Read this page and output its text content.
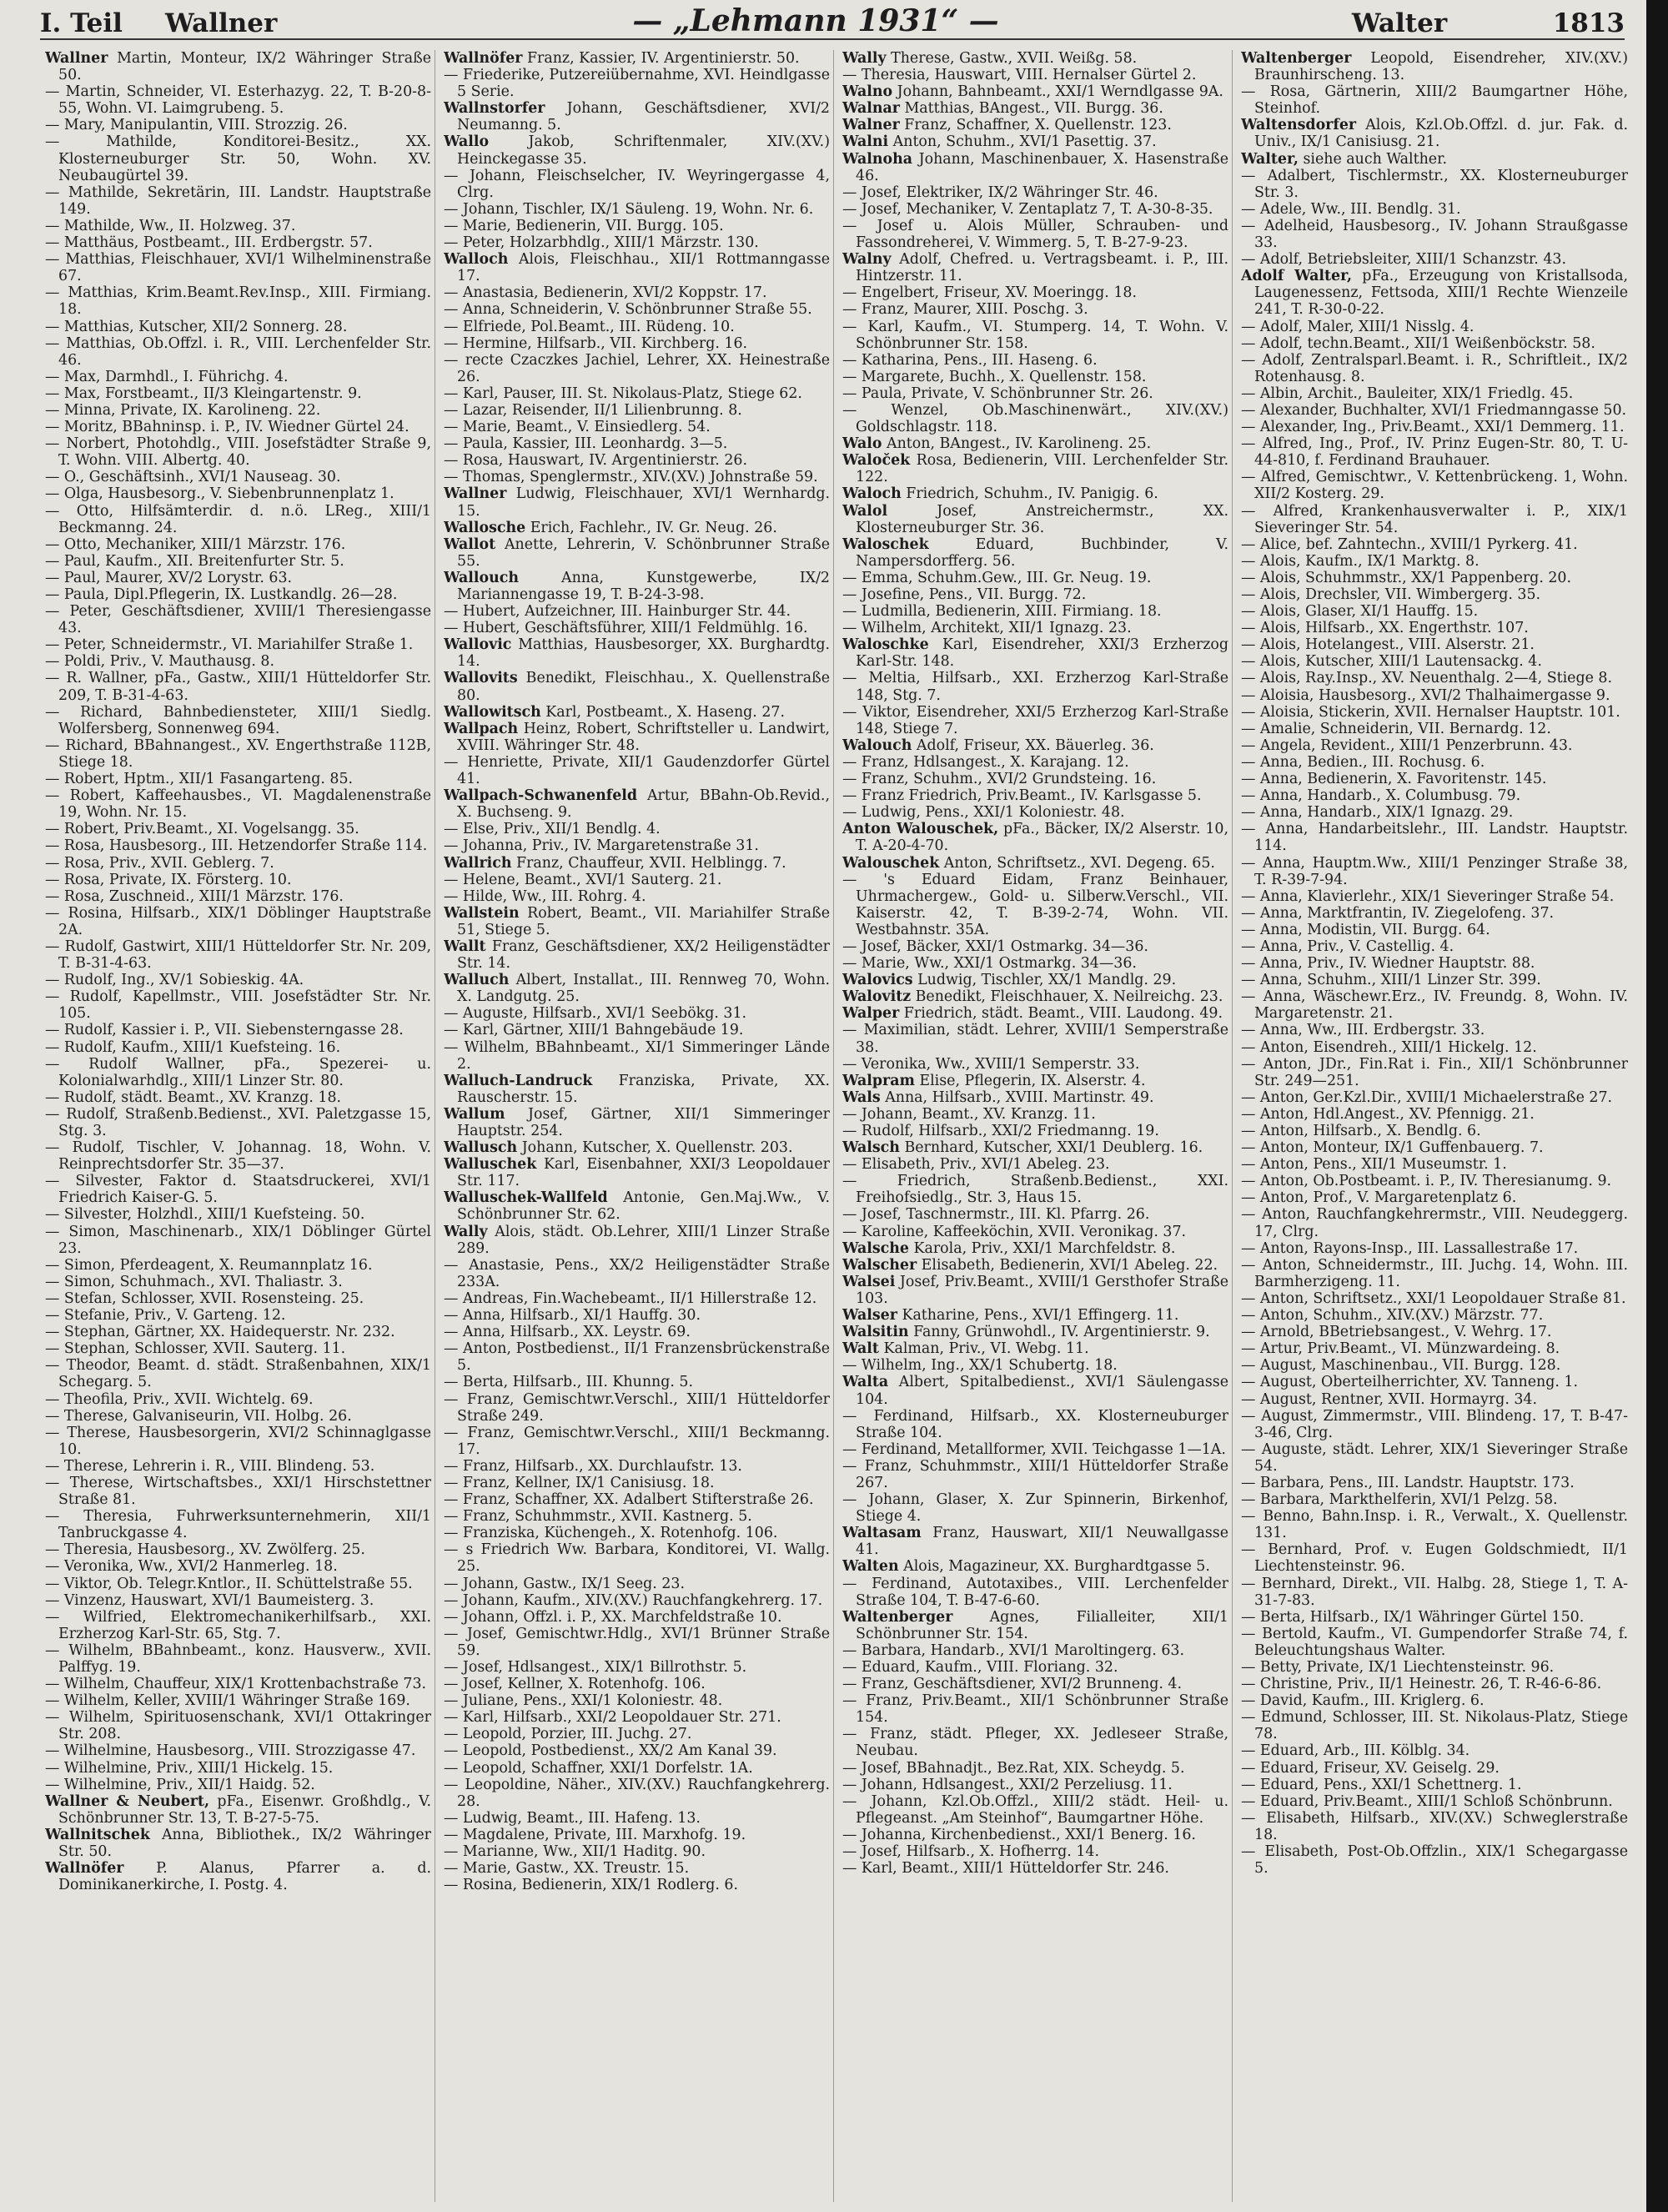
I. Teil	Wallner	— „Lehmann 1931“ —	Walter	1813

Wallner Martin, Monteur, IX/2 Währinger Straße 50.

— Martin, Schneider, VI. Esterhazyg. 22, T. B-20-8-55, Wohn. VI. Laimgrubeng. 5.

— Mary, Manipulantin, VIII. Strozzig. 26.

— Mathilde, Konditorei-Besitz., XX. Klosterneuburger Str. 50, Wohn. XV. Neubaugürtel 39.

— Mathilde, Sekretärin, III. Landstr. Hauptstraße 149.

— Mathilde, Ww., II. Holzweg. 37.

— Matthäus, Postbeamt., III. Erdbergstr. 57.

— Matthias, Fleischhauer, XVI/1 Wilhelminenstraße 67.

— Matthias, Krim.Beamt.Rev.Insp., XIII. Firmiang. 18.

— Matthias, Kutscher, XII/2 Sonnerg. 28.

— Matthias, Ob.Offzl. i. R., VIII. Lerchenfelder Str. 46.

— Max, Darmhdl., I. Führichg. 4.

— Max, Forstbeamt., II/3 Kleingartenstr. 9.

— Minna, Private, IX. Karolineng. 22.

— Moritz, BBahninsp. i. P., IV. Wiedner Gürtel 24.

— Norbert, Photohdlg., VIII. Josefstädter Straße 9, T. Wohn. VIII. Albertg. 40.

— O., Geschäftsinh., XVI/1 Nauseag. 30.

— Olga, Hausbesorg., V. Siebenbrunnenplatz 1.

— Otto, Hilfsämterdir. d. n.ö. LReg., XIII/1 Beckmanng. 24.

— Otto, Mechaniker, XIII/1 Märzstr. 176.

— Paul, Kaufm., XII. Breitenfurter Str. 5.

— Paul, Maurer, XV/2 Lorystr. 63.

— Paula, Dipl.Pflegerin, IX. Lustkandlg. 26—28.

— Peter, Geschäftsdiener, XVIII/1 Theresiengasse 43.

— Peter, Schneidermstr., VI. Mariahilfer Straße 1.

— Poldi, Priv., V. Mauthausg. 8.

— R. Wallner, pFa., Gastw., XIII/1 Hütteldorfer Str. 209, T. B-31-4-63.

— Richard, Bahnbediensteter, XIII/1 Siedlg. Wolfersberg, Sonnenweg 694.

— Richard, BBahnangest., XV. Engerthstraße 112B, Stiege 18.

— Robert, Hptm., XII/1 Fasangarteng. 85.

— Robert, Kaffeehausbes., VI. Magdalenenstraße 19, Wohn. Nr. 15.

— Robert, Priv.Beamt., XI. Vogelsangg. 35.

— Rosa, Hausbesorg., III. Hetzendorfer Straße 114.

— Rosa, Priv., XVII. Geblerg. 7.

— Rosa, Private, IX. Försterg. 10.

— Rosa, Zuschneid., XIII/1 Märzstr. 176.

— Rosina, Hilfsarb., XIX/1 Döblinger Hauptstraße 2A.

— Rudolf, Gastwirt, XIII/1 Hütteldorfer Str. Nr. 209, T. B-31-4-63.

— Rudolf, Ing., XV/1 Sobieskig. 4A.

— Rudolf, Kapellmstr., VIII. Josefstädter Str. Nr. 105.

— Rudolf, Kassier i. P., VII. Siebensterngasse 28.

— Rudolf, Kaufm., XIII/1 Kuefsteing. 16.

— Rudolf Wallner, pFa., Spezerei- u. Kolonialwarhdlg., XIII/1 Linzer Str. 80.

— Rudolf, städt. Beamt., XV. Kranzg. 18.

— Rudolf, Straßenb.Bedienst., XVI. Paletzgasse 15, Stg. 3.

— Rudolf, Tischler, V. Johannag. 18, Wohn. V. Reinprechtsdorfer Str. 35—37.

— Silvester, Faktor d. Staatsdruckerei, XVI/1 Friedrich Kaiser-G. 5.

— Silvester, Holzhdl., XIII/1 Kuefsteing. 50.

— Simon, Maschinenarb., XIX/1 Döblinger Gürtel 23.

— Simon, Pferdeagent, X. Reumannplatz 16.

— Simon, Schuhmach., XVI. Thaliastr. 3.

— Stefan, Schlosser, XVII. Rosensteing. 25.

— Stefanie, Priv., V. Garteng. 12.

— Stephan, Gärtner, XX. Haidequerstr. Nr. 232.

— Stephan, Schlosser, XVII. Sauterg. 11.

— Theodor, Beamt. d. städt. Straßenbahnen, XIX/1 Schegarg. 5.

— Theofila, Priv., XVII. Wichtelg. 69.

— Therese, Galvaniseurin, VII. Holbg. 26.

— Therese, Hausbesorgerin, XVI/2 Schinnaglgasse 10.

— Therese, Lehrerin i. R., VIII. Blindeng. 53.

— Therese, Wirtschaftsbes., XXI/1 Hirschstettner Straße 81.

— Theresia, Fuhrwerksunternehmerin, XII/1 Tanbruckgasse 4.

— Theresia, Hausbesorg., XV. Zwölferg. 25.

— Veronika, Ww., XVI/2 Hanmerleg. 18.

— Viktor, Ob. Telegr.Kntlor., II. Schüttelstraße 55.

— Vinzenz, Hauswart, XVI/1 Baumeisterg. 3.

— Wilfried, Elektromechanikerhilfsarb., XXI. Erzherzog Karl-Str. 65, Stg. 7.

— Wilhelm, BBahnbeamt., konz. Hausverw., XVII. Palffyg. 19.

— Wilhelm, Chauffeur, XIX/1 Krottenbachstraße 73.

— Wilhelm, Keller, XVIII/1 Währinger Straße 169.

— Wilhelm, Spirituosenschank, XVI/1 Ottakringer Str. 208.

— Wilhelmine, Hausbesorg., VIII. Strozzigasse 47.

— Wilhelmine, Priv., XIII/1 Hickelg. 15.

— Wilhelmine, Priv., XII/1 Haidg. 52.

Wallner & Neubert, pFa., Eisenwr. Großhdlg., V. Schönbrunner Str. 13, T. B-27-5-75.

Wallnitschek Anna, Bibliothek., IX/2 Währinger Str. 50.

Wallnöfer P. Alanus, Pfarrer a. d. Dominikanerkirche, I. Postg. 4.

Wallnöfer Franz, Kassier, IV. Argentinierstr. 50.

— Friederike, Putzereiübernahme, XVI. Heindlgasse 5 Serie.

Wallnstorfer Johann, Geschäftsdiener, XVI/2 Neumanng. 5.

Wallo Jakob, Schriftenmaler, XIV.(XV.) Heinckegasse 35.

— Johann, Fleischselcher, IV. Weyringergasse 4, Clrg.

— Johann, Tischler, IX/1 Säuleng. 19, Wohn. Nr. 6.

— Marie, Bedienerin, VII. Burgg. 105.

— Peter, Holzarbhdlg., XIII/1 Märzstr. 130.

Walloch Alois, Fleischhau., XII/1 Rottmanngasse 17.

— Anastasia, Bedienerin, XVI/2 Koppstr. 17.

— Anna, Schneiderin, V. Schönbrunner Straße 55.

— Elfriede, Pol.Beamt., III. Rüdeng. 10.

— Hermine, Hilfsarb., VII. Kirchberg. 16.

— recte Czaczkes Jachiel, Lehrer, XX. Heinestraße 26.

— Karl, Pauser, III. St. Nikolaus-Platz, Stiege 62.

— Lazar, Reisender, II/1 Lilienbrunng. 8.

— Marie, Beamt., V. Einsiedlerg. 54.

— Paula, Kassier, III. Leonhardg. 3—5.

— Rosa, Hauswart, IV. Argentinierstr. 26.

— Thomas, Spenglermstr., XIV.(XV.) Johnstraße 59.

Wallner Ludwig, Fleischhauer, XVI/1 Wernhardg. 15.

Wallosche Erich, Fachlehr., IV. Gr. Neug. 26.

Wallot Anette, Lehrerin, V. Schönbrunner Straße 55.

Wallouch Anna, Kunstgewerbe, IX/2 Mariannengasse 19, T. B-24-3-98.

— Hubert, Aufzeichner, III. Hainburger Str. 44.

— Hubert, Geschäftsführer, XIII/1 Feldmühlg. 16.

Wallovic Matthias, Hausbesorger, XX. Burghardtg. 14.

Wallovits Benedikt, Fleischhau., X. Quellenstraße 80.

Wallowitsch Karl, Postbeamt., X. Haseng. 27.

Wallpach Heinz, Robert, Schriftsteller u. Landwirt, XVIII. Währinger Str. 48.

— Henriette, Private, XII/1 Gaudenzdorfer Gürtel 41.

Wallpach-Schwanenfeld Artur, BBahn-Ob.Revid., X. Buchseng. 9.

— Else, Priv., XII/1 Bendlg. 4.

— Johanna, Priv., IV. Margaretenstraße 31.

Wallrich Franz, Chauffeur, XVII. Helblingg. 7.

— Helene, Beamt., XVI/1 Sauterg. 21.

— Hilde, Ww., III. Rohrg. 4.

Wallstein Robert, Beamt., VII. Mariahilfer Straße 51, Stiege 5.

Wallt Franz, Geschäftsdiener, XX/2 Heiligenstädter Str. 14.

Walluch Albert, Installat., III. Rennweg 70, Wohn. X. Landgutg. 25.

— Auguste, Hilfsarb., XVI/1 Seebökg. 31.

— Karl, Gärtner, XIII/1 Bahngebäude 19.

— Wilhelm, BBahnbeamt., XI/1 Simmeringer Lände 2.

Walluch-Landruck Franziska, Private, XX. Rauscherstr. 15.

Wallum Josef, Gärtner, XII/1 Simmeringer Hauptstr. 254.

Wallusch Johann, Kutscher, X. Quellenstr. 203.

Walluschek Karl, Eisenbahner, XXI/3 Leopoldauer Str. 117.

Walluschek-Wallfeld Antonie, Gen.Maj.Ww., V. Schönbrunner Str. 62.

Wally Alois, städt. Ob.Lehrer, XIII/1 Linzer Straße 289.

— Anastasie, Pens., XX/2 Heiligenstädter Straße 233A.

— Andreas, Fin.Wachebeamt., II/1 Hillerstraße 12.

— Anna, Hilfsarb., XI/1 Hauffg. 30.

— Anna, Hilfsarb., XX. Leystr. 69.

— Anton, Postbedienst., II/1 Franzensbrückenstraße 5.

— Berta, Hilfsarb., III. Khunng. 5.

— Franz, Gemischtwr.Verschl., XIII/1 Hütteldorfer Straße 249.

— Franz, Gemischtwr.Verschl., XIII/1 Beckmanng. 17.

— Franz, Hilfsarb., XX. Durchlaufstr. 13.

— Franz, Kellner, IX/1 Canisiusg. 18.

— Franz, Schaffner, XX. Adalbert Stifterstraße 26.

— Franz, Schuhmmstr., XVII. Kastnerg. 5.

— Franziska, Küchengeh., X. Rotenhofg. 106.

— s Friedrich Ww. Barbara, Konditorei, VI. Wallg. 25.

— Johann, Gastw., IX/1 Seeg. 23.

— Johann, Kaufm., XIV.(XV.) Rauchfangkehrerg. 17.

— Johann, Offzl. i. P., XX. Marchfeldstraße 10.

— Josef, Gemischtwr.Hdlg., XVI/1 Brünner Straße 59.

— Josef, Hdlsangest., XIX/1 Billrothstr. 5.

— Josef, Kellner, X. Rotenhofg. 106.

— Juliane, Pens., XXI/1 Koloniestr. 48.

— Karl, Hilfsarb., XXI/2 Leopoldauer Str. 271.

— Leopold, Porzier, III. Juchg. 27.

— Leopold, Postbedienst., XX/2 Am Kanal 39.

— Leopold, Schaffner, XXI/1 Dorfelstr. 1A.

— Leopoldine, Näher., XIV.(XV.) Rauchfangkehrerg. 28.

— Ludwig, Beamt., III. Hafeng. 13.

— Magdalene, Private, III. Marxhofg. 19.

— Marianne, Ww., XII/1 Haditg. 90.

— Marie, Gastw., XX. Treustr. 15.

— Rosina, Bedienerin, XIX/1 Rodlerg. 6.

Wally Therese, Gastw., XVII. Weißg. 58.

— Theresia, Hauswart, VIII. Hernalser Gürtel 2.

Walno Johann, Bahnbeamt., XXI/1 Werndlgasse 9A.

Walnar Matthias, BAngest., VII. Burgg. 36.

Walner Franz, Schaffner, X. Quellenstr. 123.

Walni Anton, Schuhm., XVI/1 Pasettig. 37.

Walnoha Johann, Maschinenbauer, X. Hasenstraße 46.

— Josef, Elektriker, IX/2 Währinger Str. 46.

— Josef, Mechaniker, V. Zentaplatz 7, T. A-30-8-35.

— Josef u. Alois Müller, Schrauben- und Fassondreherei, V. Wimmerg. 5, T. B-27-9-23.

Walny Adolf, Chefred. u. Vertragsbeamt. i. P., III. Hintzerstr. 11.

— Engelbert, Friseur, XV. Moeringg. 18.

— Franz, Maurer, XIII. Poschg. 3.

— Karl, Kaufm., VI. Stumperg. 14, T. Wohn. V. Schönbrunner Str. 158.

— Katharina, Pens., III. Haseng. 6.

— Margarete, Buchh., X. Quellenstr. 158.

— Paula, Private, V. Schönbrunner Str. 26.

— Wenzel, Ob.Maschinenwärt., XIV.(XV.) Goldschlagstr. 118.

Walo Anton, BAngest., IV. Karolineng. 25.

Waloček Rosa, Bedienerin, VIII. Lerchenfelder Str. 122.

Waloch Friedrich, Schuhm., IV. Panigig. 6.

Walol Josef, Anstreichermstr., XX. Klosterneuburger Str. 36.

Waloschek Eduard, Buchbinder, V. Nampersdorfferg. 56.

— Emma, Schuhm.Gew., III. Gr. Neug. 19.

— Josefine, Pens., VII. Burgg. 72.

— Ludmilla, Bedienerin, XIII. Firmiang. 18.

— Wilhelm, Architekt, XII/1 Ignazg. 23.

Waloschke Karl, Eisendreher, XXI/3 Erzherzog Karl-Str. 148.

— Meltia, Hilfsarb., XXI. Erzherzog Karl-Straße 148, Stg. 7.

— Viktor, Eisendreher, XXI/5 Erzherzog Karl-Straße 148, Stiege 7.

Walouch Adolf, Friseur, XX. Bäuerleg. 36.

— Franz, Hdlsangest., X. Karajang. 12.

— Franz, Schuhm., XVI/2 Grundsteing. 16.

— Franz Friedrich, Priv.Beamt., IV. Karlsgasse 5.

— Ludwig, Pens., XXI/1 Koloniestr. 48.

Anton Walouschek, pFa., Bäcker, IX/2 Alserstr. 10, T. A-20-4-70.

Walouschek Anton, Schriftsetz., XVI. Degeng. 65.

— 's Eduard Eidam, Franz Beinhauer, Uhrmachergew., Gold- u. Silberw.Verschl., VII. Kaiserstr. 42, T. B-39-2-74, Wohn. VII. Westbahnstr. 35A.

— Josef, Bäcker, XXI/1 Ostmarkg. 34—36.

— Marie, Ww., XXI/1 Ostmarkg. 34—36.

Walovics Ludwig, Tischler, XX/1 Mandlg. 29.

Walovitz Benedikt, Fleischhauer, X. Neilreichg. 23.

Walper Friedrich, städt. Beamt., VIII. Laudong. 49.

— Maximilian, städt. Lehrer, XVIII/1 Semperstraße 38.

— Veronika, Ww., XVIII/1 Semperstr. 33.

Walpram Elise, Pflegerin, IX. Alserstr. 4.

Wals Anna, Hilfsarb., XVIII. Martinstr. 49.

— Johann, Beamt., XV. Kranzg. 11.

— Rudolf, Hilfsarb., XXI/2 Friedmanng. 19.

Walsch Bernhard, Kutscher, XXI/1 Deublerg. 16.

— Elisabeth, Priv., XVI/1 Abeleg. 23.

— Friedrich, Straßenb.Bedienst., XXI. Freihofsiedlg., Str. 3, Haus 15.

— Josef, Taschnermstr., III. Kl. Pfarrg. 26.

— Karoline, Kaffeeköchin, XVII. Veronikag. 37.

Walsche Karola, Priv., XXI/1 Marchfeldstr. 8.

Walscher Elisabeth, Bedienerin, XVI/1 Abeleg. 22.

Walsei Josef, Priv.Beamt., XVIII/1 Gersthofer Straße 103.

Walser Katharine, Pens., XVI/1 Effingerg. 11.

Walsitin Fanny, Grünwohdl., IV. Argentinierstr. 9.

Walt Kalman, Priv., VI. Webg. 11.

— Wilhelm, Ing., XX/1 Schubertg. 18.

Walta Albert, Spitalbedienst., XVI/1 Säulengasse 104.

— Ferdinand, Hilfsarb., XX. Klosterneuburger Straße 104.

— Ferdinand, Metallformer, XVII. Teichgasse 1—1A.

— Franz, Schuhmmstr., XIII/1 Hütteldorfer Straße 267.

— Johann, Glaser, X. Zur Spinnerin, Birkenhof, Stiege 4.

Waltasam Franz, Hauswart, XII/1 Neuwallgasse 41.

Walten Alois, Magazineur, XX. Burghardtgasse 5.

— Ferdinand, Autotaxibes., VIII. Lerchenfelder Straße 104, T. B-47-6-60.

Waltenberger Agnes, Filialleiter, XII/1 Schönbrunner Str. 154.

— Barbara, Handarb., XVI/1 Maroltingerg. 63.

— Eduard, Kaufm., VIII. Floriang. 32.

— Franz, Geschäftsdiener, XVI/2 Brunneng. 4.

— Franz, Priv.Beamt., XII/1 Schönbrunner Straße 154.

— Franz, städt. Pfleger, XX. Jedleseer Straße, Neubau.

— Josef, BBahnadjt., Bez.Rat, XIX. Scheydg. 5.

— Johann, Hdlsangest., XXI/2 Perzeliusg. 11.

— Johann, Kzl.Ob.Offzl., XIII/2 städt. Heil- u. Pflegeanst. „Am Steinhof“, Baumgartner Höhe.

— Johanna, Kirchenbedienst., XXI/1 Benerg. 16.

— Josef, Hilfsarb., X. Hofherrg. 14.

— Karl, Beamt., XIII/1 Hütteldorfer Str. 246.

Waltenberger Leopold, Eisendreher, XIV.(XV.) Braunhirscheng. 13.

— Rosa, Gärtnerin, XIII/2 Baumgartner Höhe, Steinhof.

Waltensdorfer Alois, Kzl.Ob.Offzl. d. jur. Fak. d. Univ., IX/1 Canisiusg. 21.

Walter, siehe auch Walther.

— Adalbert, Tischlermstr., XX. Klosterneuburger Str. 3.

— Adele, Ww., III. Bendlg. 31.

— Adelheid, Hausbesorg., IV. Johann Straußgasse 33.

— Adolf, Betriebsleiter, XIII/1 Schanzstr. 43.

Adolf Walter, pFa., Erzeugung von Kristallsoda, Laugenessenz, Fettsoda, XIII/1 Rechte Wienzeile 241, T. R-30-0-22.

— Adolf, Maler, XIII/1 Nisslg. 4.

— Adolf, techn.Beamt., XII/1 Weißenböckstr. 58.

— Adolf, Zentralsparl.Beamt. i. R., Schriftleit., IX/2 Rotenhausg. 8.

— Albin, Archit., Bauleiter, XIX/1 Friedlg. 45.

— Alexander, Buchhalter, XVI/1 Friedmanngasse 50.

— Alexander, Ing., Priv.Beamt., XXI/1 Demmerg. 11.

— Alfred, Ing., Prof., IV. Prinz Eugen-Str. 80, T. U-44-810, f. Ferdinand Brauhauer.

— Alfred, Gemischtwr., V. Kettenbrückeng. 1, Wohn. XII/2 Kosterg. 29.

— Alfred, Krankenhausverwalter i. P., XIX/1 Sieveringer Str. 54.

— Alice, bef. Zahntechn., XVIII/1 Pyrkerg. 41.

— Alois, Kaufm., IX/1 Marktg. 8.

— Alois, Schuhmmstr., XX/1 Pappenberg. 20.

— Alois, Drechsler, VII. Wimbergerg. 35.

— Alois, Glaser, XI/1 Hauffg. 15.

— Alois, Hilfsarb., XX. Engerthstr. 107.

— Alois, Hotelangest., VIII. Alserstr. 21.

— Alois, Kutscher, XIII/1 Lautensackg. 4.

— Alois, Ray.Insp., XV. Neuenthalg. 2—4, Stiege 8.

— Aloisia, Hausbesorg., XVI/2 Thalhaimergasse 9.

— Aloisia, Stickerin, XVII. Hernalser Hauptstr. 101.

— Amalie, Schneiderin, VII. Bernardg. 12.

— Angela, Revident., XIII/1 Penzerbrunn. 43.

— Anna, Bedien., III. Rochusg. 6.

— Anna, Bedienerin, X. Favoritenstr. 145.

— Anna, Handarb., X. Columbusg. 79.

— Anna, Handarb., XIX/1 Ignazg. 29.

— Anna, Handarbeitslehr., III. Landstr. Hauptstr. 114.

— Anna, Hauptm.Ww., XIII/1 Penzinger Straße 38, T. R-39-7-94.

— Anna, Klavierlehr., XIX/1 Sieveringer Straße 54.

— Anna, Marktfrantin, IV. Ziegelofeng. 37.

— Anna, Modistin, VII. Burgg. 64.

— Anna, Priv., V. Castellig. 4.

— Anna, Priv., IV. Wiedner Hauptstr. 88.

— Anna, Schuhm., XIII/1 Linzer Str. 399.

— Anna, Wäschewr.Erz., IV. Freundg. 8, Wohn. IV. Margaretenstr. 21.

— Anna, Ww., III. Erdbergstr. 33.

— Anton, Eisendreh., XIII/1 Hickelg. 12.

— Anton, JDr., Fin.Rat i. Fin., XII/1 Schönbrunner Str. 249—251.

— Anton, Ger.Kzl.Dir., XVIII/1 Michaelerstraße 27.

— Anton, Hdl.Angest., XV. Pfennigg. 21.

— Anton, Hilfsarb., X. Bendlg. 6.

— Anton, Monteur, IX/1 Guffenbauerg. 7.

— Anton, Pens., XII/1 Museumstr. 1.

— Anton, Ob.Postbeamt. i. P., IV. Theresianumg. 9.

— Anton, Prof., V. Margaretenplatz 6.

— Anton, Rauchfangkehrermstr., VIII. Neudeggerg. 17, Clrg.

— Anton, Rayons-Insp., III. Lassallestraße 17.

— Anton, Schneidermstr., III. Juchg. 14, Wohn. III. Barmherzigeng. 11.

— Anton, Schriftsetz., XXI/1 Leopoldauer Straße 81.

— Anton, Schuhm., XIV.(XV.) Märzstr. 77.

— Arnold, BBetriebsangest., V. Wehrg. 17.

— Artur, Priv.Beamt., VI. Münzwardeing. 8.

— August, Maschinenbau., VII. Burgg. 128.

— August, Oberteilherrichter, XV. Tanneng. 1.

— August, Rentner, XVII. Hormayrg. 34.

— August, Zimmermstr., VIII. Blindeng. 17, T. B-47-3-46, Clrg.

— Auguste, städt. Lehrer, XIX/1 Sieveringer Straße 54.

— Barbara, Pens., III. Landstr. Hauptstr. 173.

— Barbara, Markthelferin, XVI/1 Pelzg. 58.

— Benno, Bahn.Insp. i. R., Verwalt., X. Quellenstr. 131.

— Bernhard, Prof. v. Eugen Goldschmiedt, II/1 Liechtensteinstr. 96.

— Bernhard, Direkt., VII. Halbg. 28, Stiege 1, T. A-31-7-83.

— Berta, Hilfsarb., IX/1 Währinger Gürtel 150.

— Bertold, Kaufm., VI. Gumpendorfer Straße 74, f. Beleuchtungshaus Walter.

— Betty, Private, IX/1 Liechtensteinstr. 96.

— Christine, Priv., II/1 Heinestr. 26, T. R-46-6-86.

— David, Kaufm., III. Kriglerg. 6.

— Edmund, Schlosser, III. St. Nikolaus-Platz, Stiege 78.

— Eduard, Arb., III. Kölblg. 34.

— Eduard, Friseur, XV. Geiselg. 29.

— Eduard, Pens., XXI/1 Schettnerg. 1.

— Eduard, Priv.Beamt., XIII/1 Schloß Schönbrunn.

— Elisabeth, Hilfsarb., XIV.(XV.) Schweglerstraße 18.

— Elisabeth, Post-Ob.Offzlin., XIX/1 Schegargasse 5.
